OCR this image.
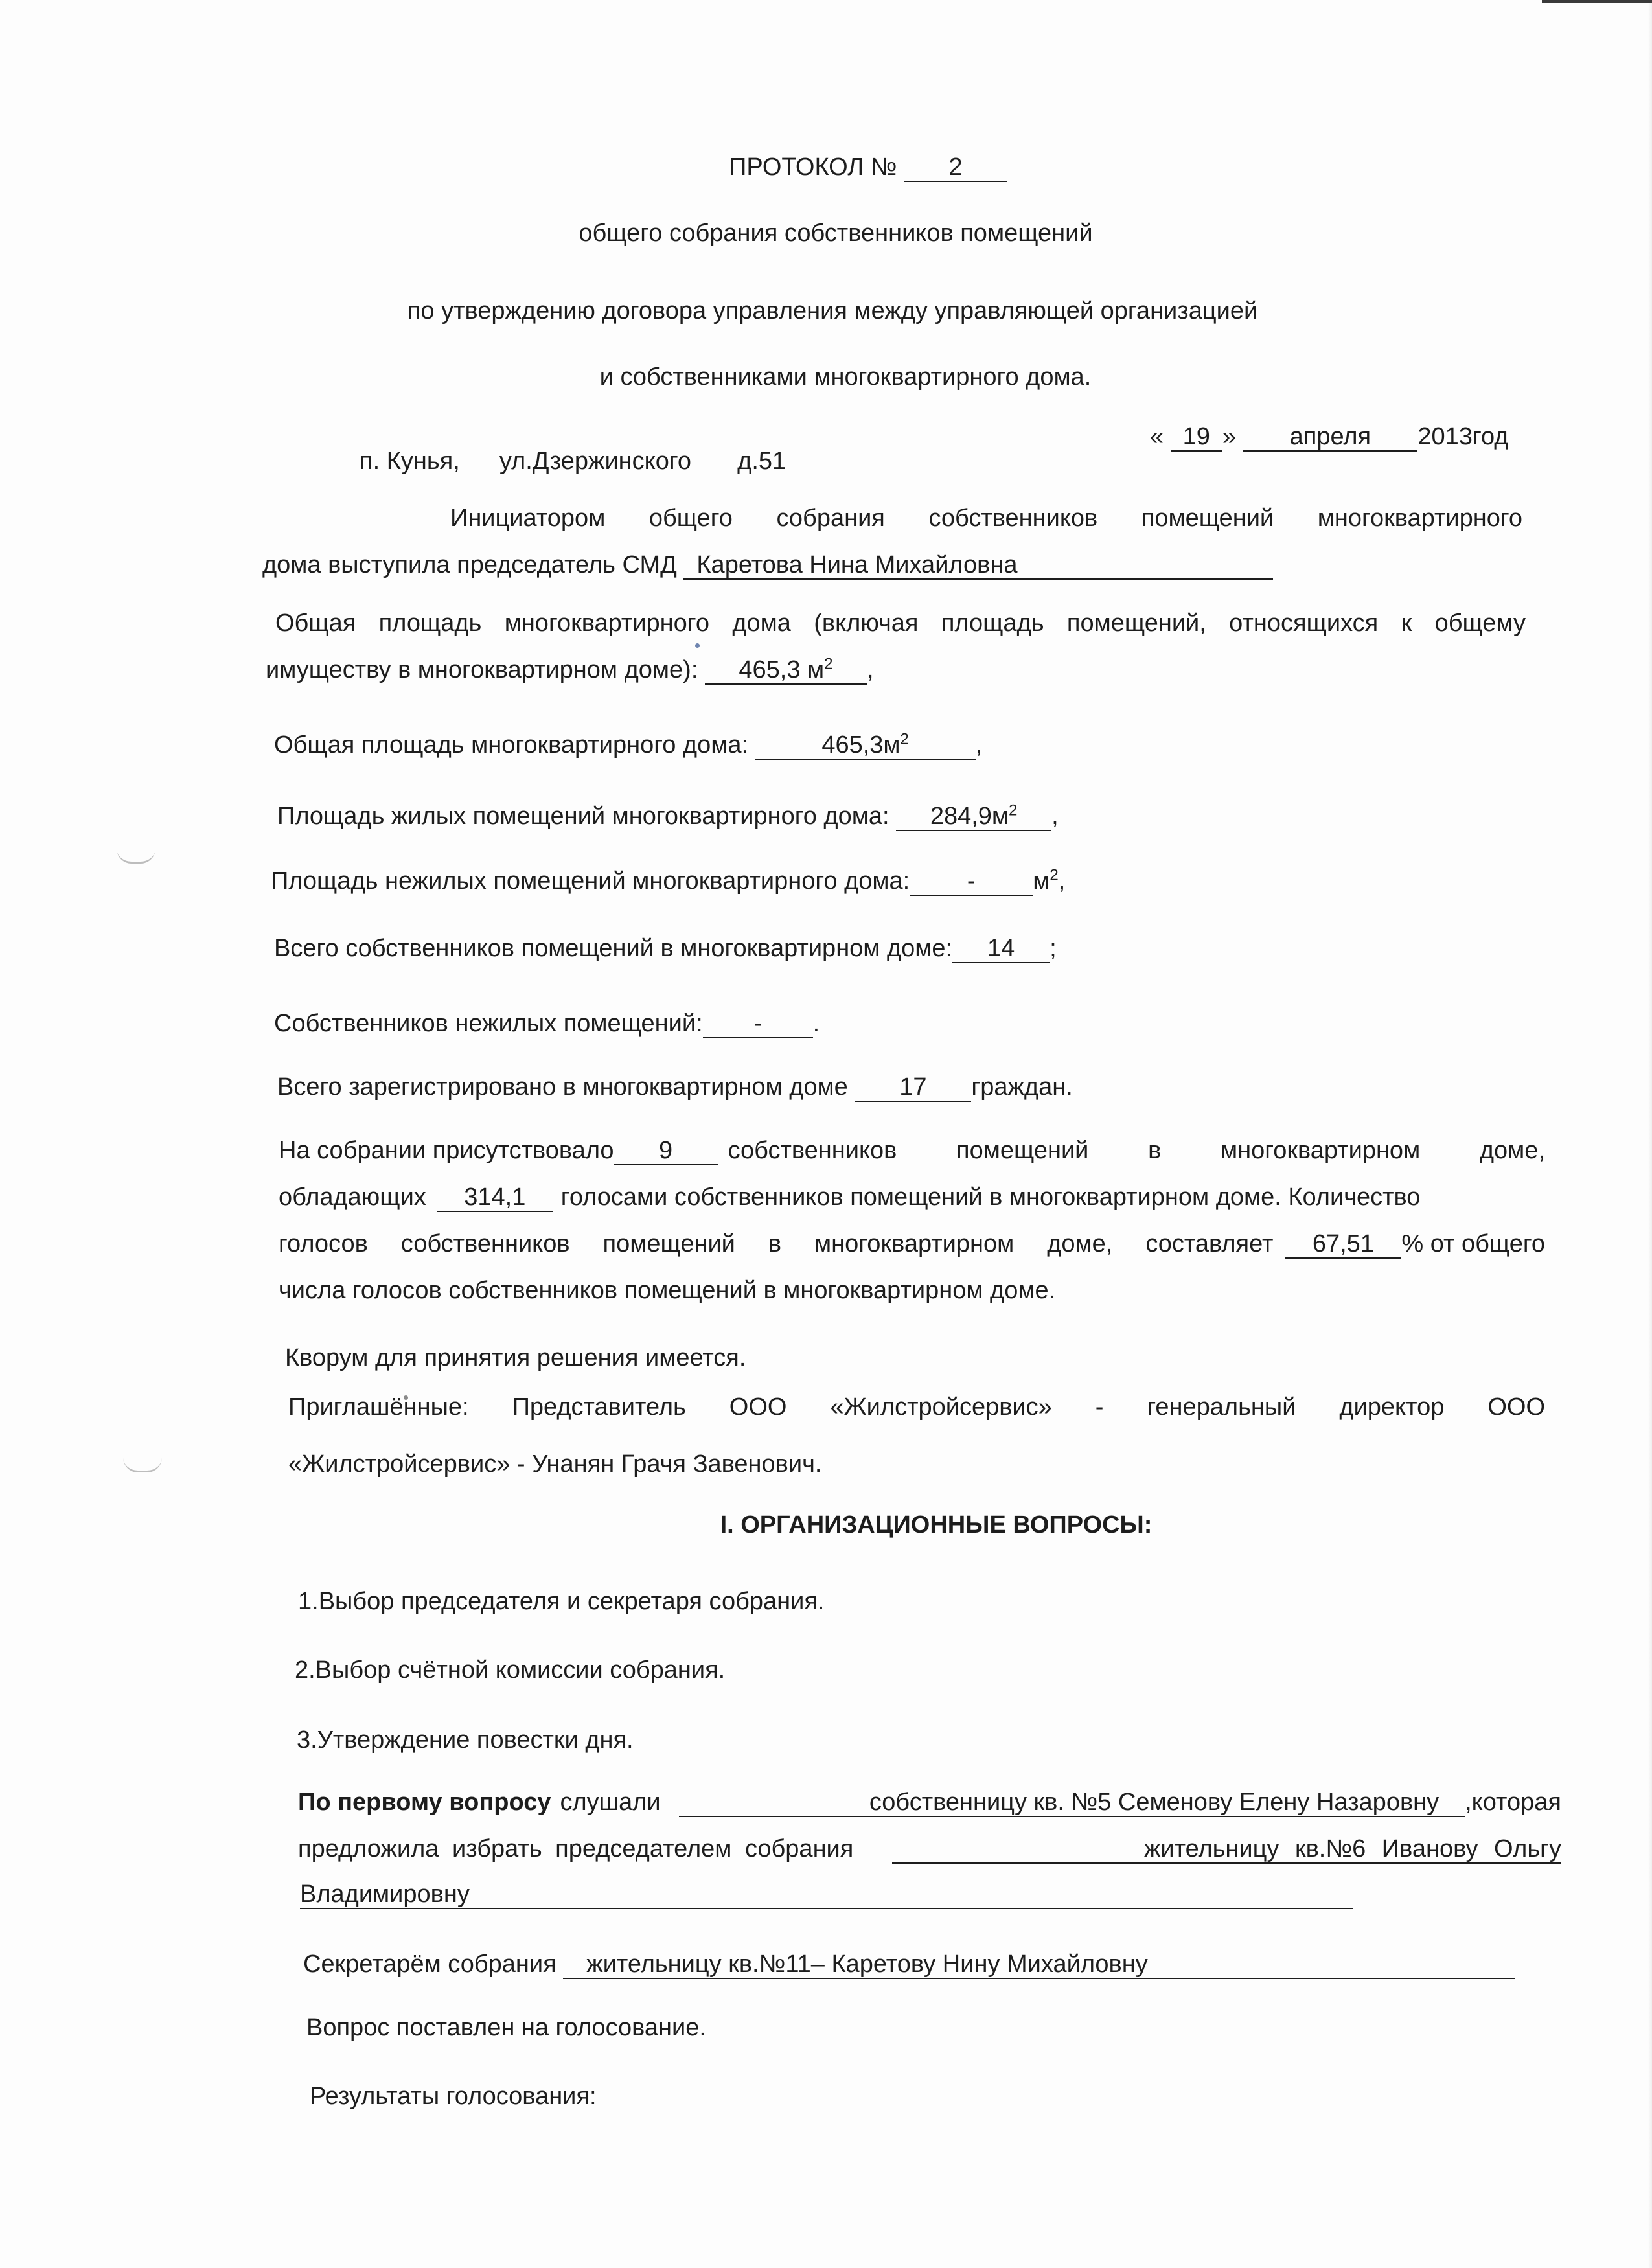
ПРОТОКОЛ № 2
общего собрания собственников помещений
по утверждению договора управления между управляющей организацией
и собственниками многоквартирного дома.
п. Кунья, ул.Дзержинского д.51
« 19 » апреля 2013год
Инициатором общего собрания собственников помещений многоквартирного
дома выступила председатель СМД Каретова Нина Михайловна
Общая площадь многоквартирного дома (включая площадь помещений, относящихся к общему
имуществу в многоквартирном доме): 465,3 $м^2$ ,
Общая площадь многоквартирного дома:	$465,3м^2$	,
Площадь жилых помещений многоквартирного дома: $284,9м^2$ ,
Площадь нежилых помещений многоквартирного дома: - $м^2$,
Всего собственников помещений в многоквартирном доме: 14 ;
Собственников нежилых помещений: - .
Всего зарегистрировано в многоквартирном доме 17 граждан.
На собрании присутствовало	9	собственников помещений в многоквартирном доме,
обладающих	314,1	голосами собственников помещений в многоквартирном доме. Количество
голосов собственников помещений в многоквартирном доме, составляет	67,51	% от общего
числа голосов собственников помещений в многоквартирном доме.
Кворум для принятия решения имеется.
Приглашённые: Представитель ООО «Жилстройсервис» - генеральный директор ООО
«Жилстройсервис» - Унанян Грачя Завенович.
I. ОРГАНИЗАЦИОННЫЕ ВОПРОСЫ:
1.Выбор председателя и секретаря собрания.
2.Выбор счётной комиссии собрания.
3.Утверждение повестки дня.
По первому вопросу слушали	собственницу кв. №5 Семенову Елену Назаровну	,которая
предложила избрать председателем собрания	жительницу кв.№6 Иванову Ольгу
Владимировну
Секретарём собрания жительницу кв.№11– Каретову Нину Михайловну
Вопрос поставлен на голосование.
Результаты голосования:
